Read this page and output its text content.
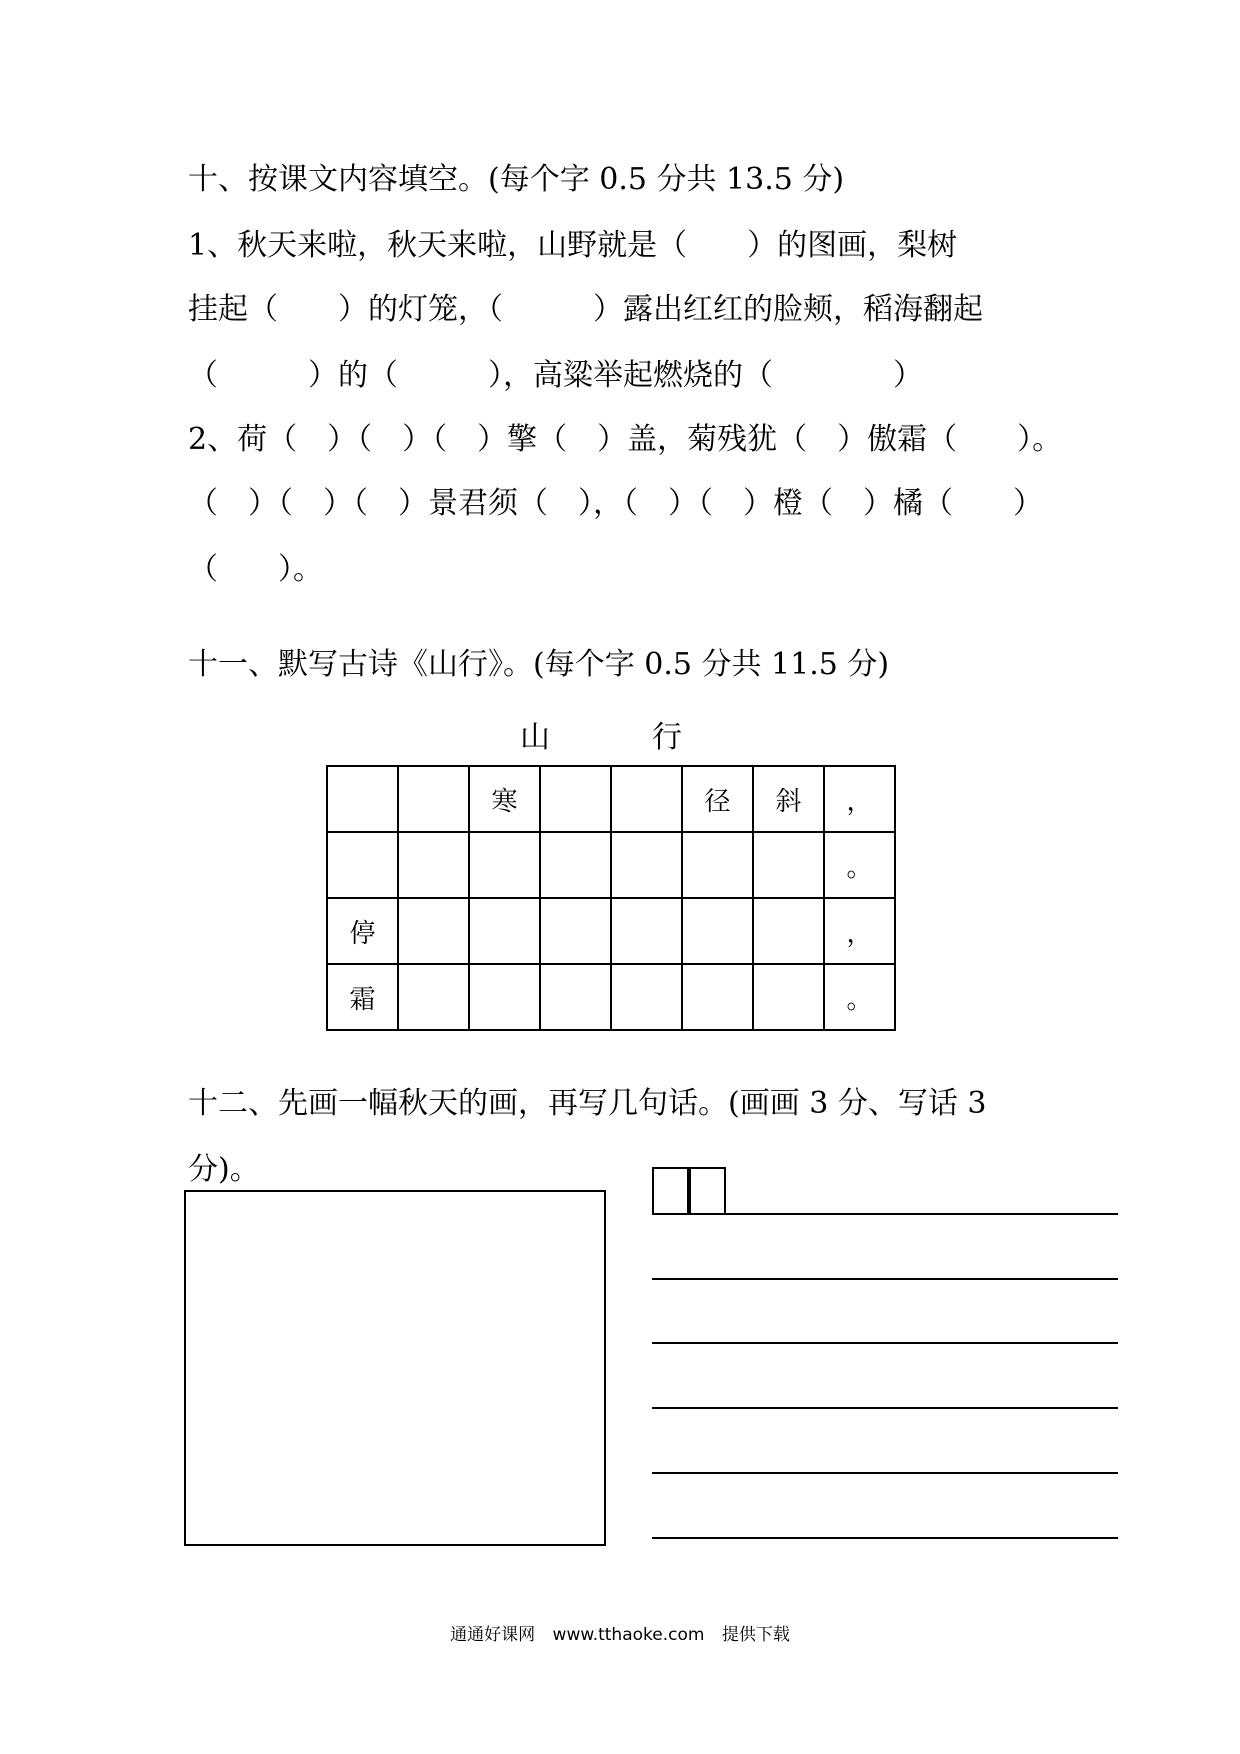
十、按课文内容填空。(每个字 0.5 分共 13.5 分)
1、秋天来啦，秋天来啦，山野就是（　　）的图画，梨树
挂起（　　）的灯笼，（　　　）露出红红的脸颊，稻海翻起
（　　　）的（　　　），高粱举起燃烧的（　　　　）
2、荷（　）（　）（　）擎（　）盖，菊残犹（　）傲霜（　　）。
（　）（　）（　）景君须（　），（　）（　）橙（　）橘（　　）
（　　）。
十一、默写古诗《山行》。(每个字 0.5 分共 11.5 分)
山	行
		寒			径	斜	，
							。
停							，
霜							。
十二、先画一幅秋天的画，再写几句话。(画画 3 分、写话 3
分)。
通通好课网 www.tthaoke.com 提供下载
